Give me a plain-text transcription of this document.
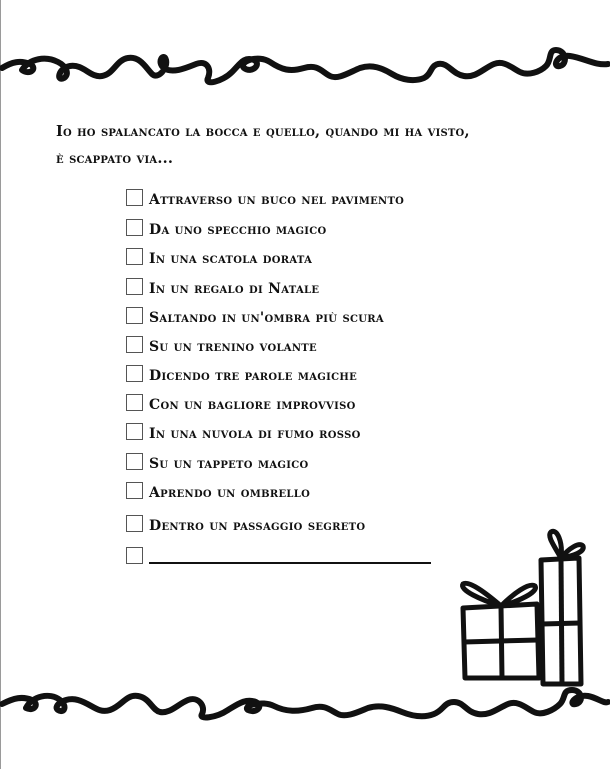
Io ho spalancato la bocca e quello, quando mi ha visto,
è scappato via...
Attraverso un buco nel pavimento
Da uno specchio magico
In una scatola dorata
In un regalo di Natale
Saltando in un'ombra più scura
Su un trenino volante
Dicendo tre parole magiche
Con un bagliore improvviso
In una nuvola di fumo rosso
Su un tappeto magico
Aprendo un ombrello
Dentro un passaggio segreto
